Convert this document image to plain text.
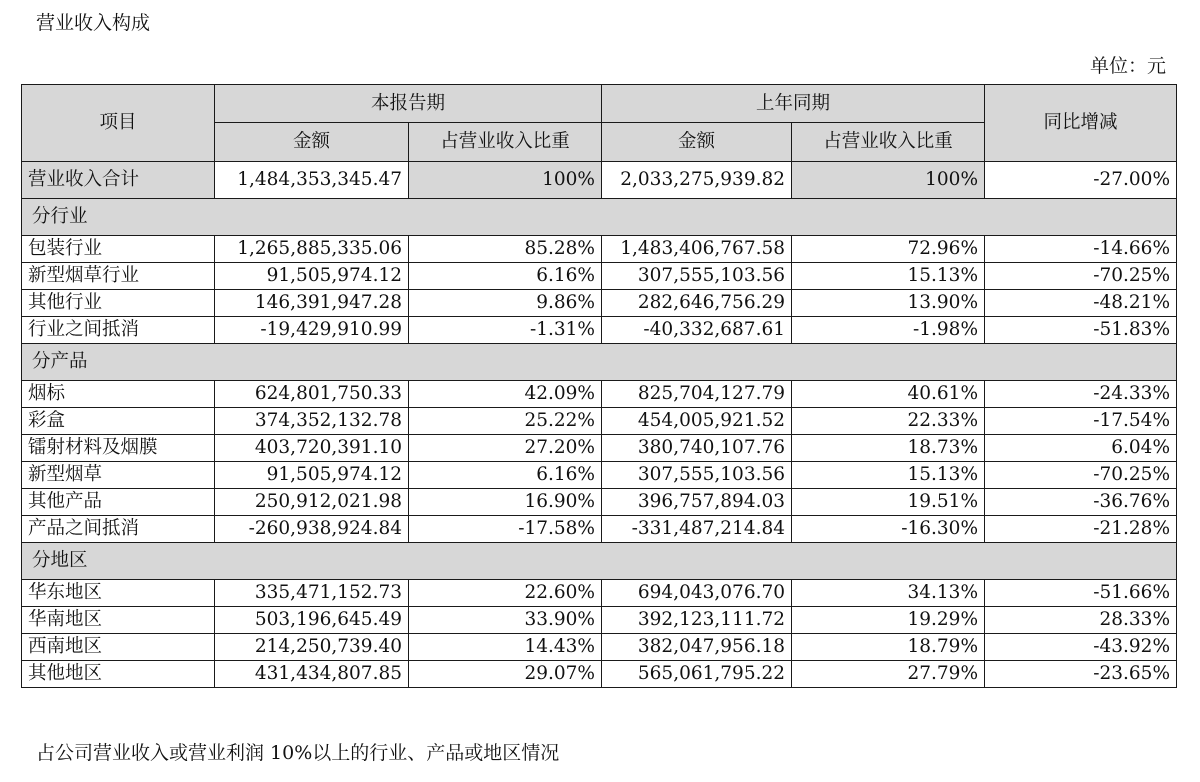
营业收入构成
单位：元
项目	本报告期		上年同期		同比增减
	金额	占营业收入比重	金额	占营业收入比重	
营业收入合计	1,484,353,345.47	100%	2,033,275,939.82	100%	-27.00%
分行业					
包装行业	1,265,885,335.06	85.28%	1,483,406,767.58	72.96%	-14.66%
新型烟草行业	91,505,974.12	6.16%	307,555,103.56	15.13%	-70.25%
其他行业	146,391,947.28	9.86%	282,646,756.29	13.90%	-48.21%
行业之间抵消	-19,429,910.99	-1.31%	-40,332,687.61	-1.98%	-51.83%
分产品					
烟标	624,801,750.33	42.09%	825,704,127.79	40.61%	-24.33%
彩盒	374,352,132.78	25.22%	454,005,921.52	22.33%	-17.54%
镭射材料及烟膜	403,720,391.10	27.20%	380,740,107.76	18.73%	6.04%
新型烟草	91,505,974.12	6.16%	307,555,103.56	15.13%	-70.25%
其他产品	250,912,021.98	16.90%	396,757,894.03	19.51%	-36.76%
产品之间抵消	-260,938,924.84	-17.58%	-331,487,214.84	-16.30%	-21.28%
分地区					
华东地区	335,471,152.73	22.60%	694,043,076.70	34.13%	-51.66%
华南地区	503,196,645.49	33.90%	392,123,111.72	19.29%	28.33%
西南地区	214,250,739.40	14.43%	382,047,956.18	18.79%	-43.92%
其他地区	431,434,807.85	29.07%	565,061,795.22	27.79%	-23.65%
占公司营业收入或营业利润 10%以上的行业、产品或地区情况
